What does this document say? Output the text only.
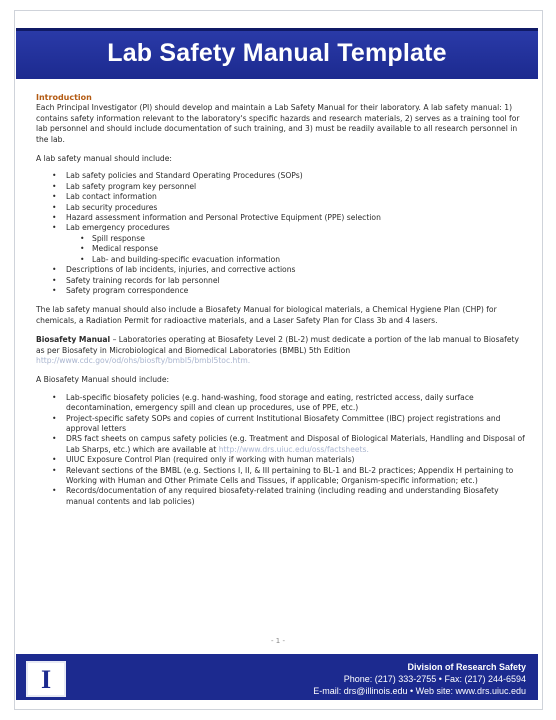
Lab Safety Manual Template

Introduction

Each Principal Investigator (PI) should develop and maintain a Lab Safety Manual for their laboratory. A lab safety manual: 1) contains safety information relevant to the laboratory's specific hazards and research materials, 2) serves as a training tool for lab personnel and should include documentation of such training, and 3) must be readily available to all research personnel in the lab.

A lab safety manual should include:

• Lab safety policies and Standard Operating Procedures (SOPs)
• Lab safety program key personnel
• Lab contact information
• Lab security procedures
• Hazard assessment information and Personal Protective Equipment (PPE) selection
• Lab emergency procedures
• Spill response
• Medical response
• Lab- and building-specific evacuation information
• Descriptions of lab incidents, injuries, and corrective actions
• Safety training records for lab personnel
• Safety program correspondence

The lab safety manual should also include a Biosafety Manual for biological materials, a Chemical Hygiene Plan (CHP) for chemicals, a Radiation Permit for radioactive materials, and a Laser Safety Plan for Class 3b and 4 lasers.

Biosafety Manual – Laboratories operating at Biosafety Level 2 (BL-2) must dedicate a portion of the lab manual to Biosafety as per Biosafety in Microbiological and Biomedical Laboratories (BMBL) 5th Edition http://www.cdc.gov/od/ohs/biosfty/bmbl5/bmbl5toc.htm.

A Biosafety Manual should include:

• Lab-specific biosafety policies (e.g. hand-washing, food storage and eating, restricted access, daily surface decontamination, emergency spill and clean up procedures, use of PPE, etc.)
• Project-specific safety SOPs and copies of current Institutional Biosafety Committee (IBC) project registrations and approval letters
• DRS fact sheets on campus safety policies (e.g. Treatment and Disposal of Biological Materials, Handling and Disposal of Lab Sharps, etc.) which are available at http://www.drs.uiuc.edu/oss/factsheets.
• UIUC Exposure Control Plan (required only if working with human materials)
• Relevant sections of the BMBL (e.g. Sections I, II, & III pertaining to BL-1 and BL-2 practices; Appendix H pertaining to Working with Human and Other Primate Cells and Tissues, if applicable; Organism-specific information; etc.)
• Records/documentation of any required biosafety-related training (including reading and understanding Biosafety manual contents and lab policies)
- 1 -
I	Division of Research Safety
Phone: (217) 333-2755 • Fax: (217) 244-6594
E-mail: drs@illinois.edu • Web site: www.drs.uiuc.edu
